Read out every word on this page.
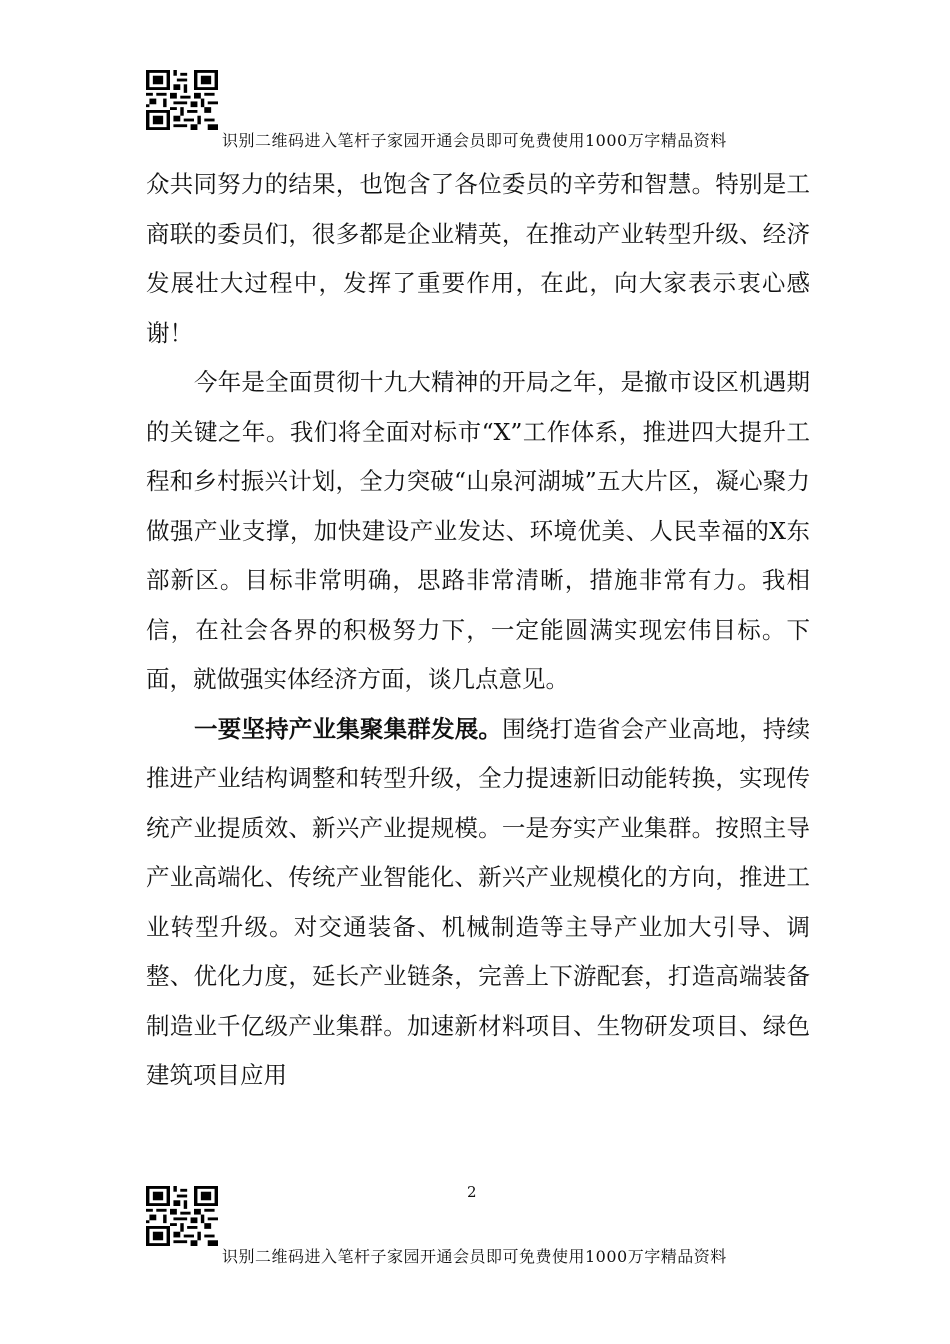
识别二维码进入笔杆子家园开通会员即可免费使用1000万字精品资料

众共同努力的结果，也饱含了各位委员的辛劳和智慧。特别是工商联的委员们，很多都是企业精英，在推动产业转型升级、经济发展壮大过程中，发挥了重要作用，在此，向大家表示衷心感谢！

今年是全面贯彻十九大精神的开局之年，是撤市设区机遇期的关键之年。我们将全面对标市“X”工作体系，推进四大提升工程和乡村振兴计划，全力突破“山泉河湖城”五大片区，凝心聚力做强产业支撑，加快建设产业发达、环境优美、人民幸福的X东部新区。目标非常明确，思路非常清晰，措施非常有力。我相信，在社会各界的积极努力下，一定能圆满实现宏伟目标。下面，就做强实体经济方面，谈几点意见。

一要坚持产业集聚集群发展。围绕打造省会产业高地，持续推进产业结构调整和转型升级，全力提速新旧动能转换，实现传统产业提质效、新兴产业提规模。一是夯实产业集群。按照主导产业高端化、传统产业智能化、新兴产业规模化的方向，推进工业转型升级。对交通装备、机械制造等主导产业加大引导、调整、优化力度，延长产业链条，完善上下游配套，打造高端装备制造业千亿级产业集群。加速新材料项目、生物研发项目、绿色建筑项目应用

2
识别二维码进入笔杆子家园开通会员即可免费使用1000万字精品资料
